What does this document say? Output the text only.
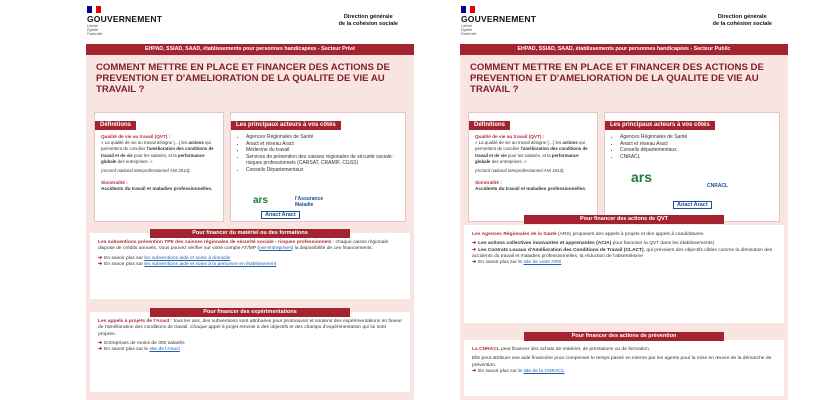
GOUVERNEMENT
Liberté
Égalité
Fraternité
Direction générale
de la cohésion sociale
EHPAD, SSIAD, SAAD, établissements pour personnes handicapées - Secteur Privé
COMMENT METTRE EN PLACE ET FINANCER DES ACTIONS DE PREVENTION ET D'AMELIORATION DE LA QUALITE DE VIE AU TRAVAIL ?
Définitions
Qualité de vie au travail (QVT) :
« La qualité de vie au travail désigne […] les actions qui permettent de concilier l'amélioration des conditions de travail et de vie pour les salariés, et la performance globale des entreprises. »
(Accord national interprofessionnel ANI 2013).
Sinistralité :
Accidents du travail et maladies professionnelles.
Les principaux acteurs à vos côtés
• Agences Régionales de Santé
• Anact et réseau Aract
• Médecine du travail
• Services de prévention des caisses régionales de sécurité sociale : risques professionnels (CARSAT, CRAMIF, CGSS)
• Conseils Départementaux
ars	l'Assurance Maladie
Anact Aract
Les subventions prévention TPE des caisses régionales de sécurité sociale - risques professionnels : chaque caisse régionale dispose de crédits annuels. Vous pouvez vérifier sur votre compte AT/MP (net-entreprises) la disponibilité de ces financements.
➔ En savoir plus sur les subventions aide et soins à domicile
➔ En savoir plus sur les subventions aide et soins à la personne en établissement
Pour financer du matériel ou des formations
Les appels à projets de l'Anact : tous les ans, des subventions sont attribuées pour promouvoir et soutenir des expérimentations en faveur de l'amélioration des conditions de travail. Chaque appel à projet renvoie à des objectifs et des champs d'expérimentation qui lui sont propres.
➔ Entreprises de moins de 300 salariés
➔ En savoir plus sur le site de l'Anact
Pour financer des expérimentations
GOUVERNEMENT
Liberté
Égalité
Fraternité
Direction générale
de la cohésion sociale
EHPAD, SSIAD, SAAD, établissements pour personnes handicapées - Secteur Public
COMMENT METTRE EN PLACE ET FINANCER DES ACTIONS DE PREVENTION ET D'AMELIORATION DE LA QUALITE DE VIE AU TRAVAIL ?
Définitions
Qualité de vie au travail (QVT) :
« La qualité de vie au travail désigne […] les actions qui permettent de concilier l'amélioration des conditions de travail et de vie pour les salariés, et la performance globale des entreprises. »
(Accord national interprofessionnel ANI 2013).
Sinistralité :
Accidents du travail et maladies professionnelles.
Les principaux acteurs à vos côtés
• Agences Régionales de Santé
• Anact et réseau Aract
• Conseils départementaux
• CNRACL
ars
CNRACL
Anact Aract
Les Agences Régionales de la Santé (ARS) proposent des appels à projets et des appels à candidatures
➔ Les actions collectives innovantes et apprenantes (ACIA) pour favoriser la QVT dans les établissements)
➔ Les Contrats Locaux d'Amélioration des Conditions de Travail (CLACT), qui prévoient des objectifs cibles comme la diminution des accidents du travail et maladies professionnelles, la réduction de l'absentéisme
➔ En savoir plus sur le site de votre ARS
Pour financer des actions de QVT
La CNRACL peut financer des achats de matériel, de prestations ou de formation.
Elle peut attribuer une aide financière pour compenser le temps passé en interne par les agents pour la mise en œuvre de la démarche de prévention.
➔ En savoir plus sur le site de la CNRACL
Pour financer des actions de prévention
